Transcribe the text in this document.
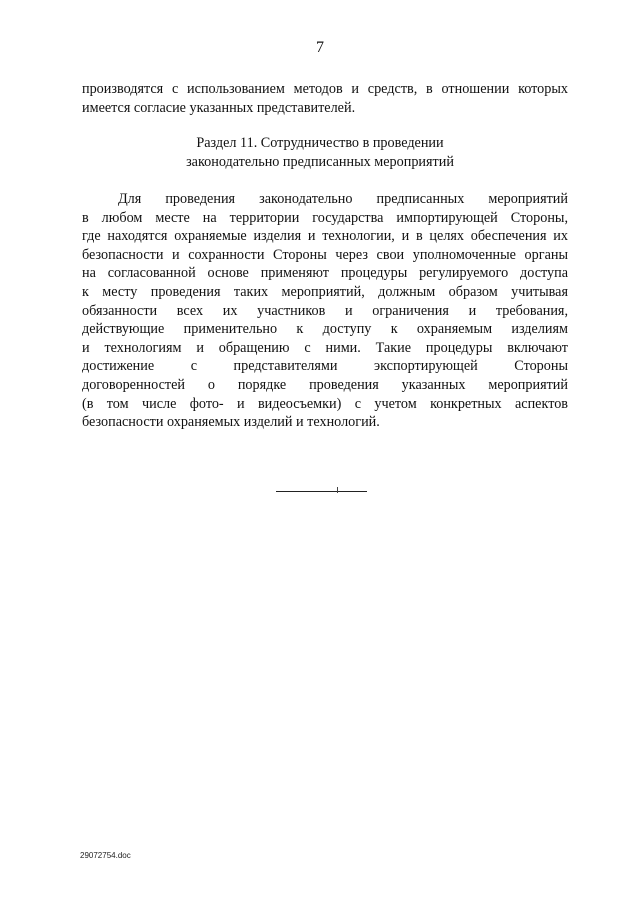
7
производятся с использованием методов и средств, в отношении которых
имеется согласие указанных представителей.
Раздел 11. Сотрудничество в проведении
законодательно предписанных мероприятий
Для проведения законодательно предписанных мероприятий
в любом месте на территории государства импортирующей Стороны,
где находятся охраняемые изделия и технологии, и в целях обеспечения их
безопасности и сохранности Стороны через свои уполномоченные органы
на согласованной основе применяют процедуры регулируемого доступа
к месту проведения таких мероприятий, должным образом учитывая
обязанности всех их участников и ограничения и требования,
действующие применительно к доступу к охраняемым изделиям
и технологиям и обращению с ними. Такие процедуры включают
достижение с представителями экспортирующей Стороны
договоренностей о порядке проведения указанных мероприятий
(в том числе фото- и видеосъемки) с учетом конкретных аспектов
безопасности охраняемых изделий и технологий.
29072754.doc
